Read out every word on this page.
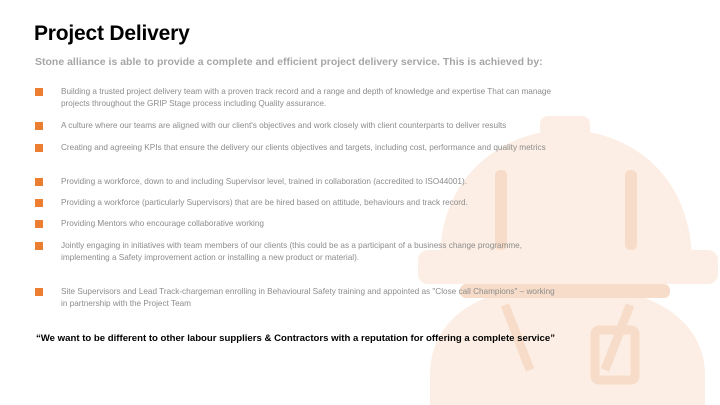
Project Delivery

Stone alliance is able to provide a complete and efficient project delivery service. This is achieved by:

Building a trusted project delivery team with a proven track record and a range and depth of knowledge and expertise That can manage projects throughout the GRIP Stage process including Quality assurance.
A culture where our teams are aligned with our client's objectives and work closely with client counterparts to deliver results
Creating and agreeing KPIs that ensure the delivery our clients objectives and targets, including cost, performance and quality metrics
Providing a workforce, down to and including Supervisor level, trained in collaboration (accredited to ISO44001).
Providing a workforce (particularly Supervisors) that are be hired based on attitude, behaviours and track record.
Providing Mentors who encourage collaborative working
Jointly engaging in initiatives with team members of our clients (this could be as a participant of a business change programme, implementing a Safety improvement action or installing a new product or material).
Site Supervisors and Lead Track-chargeman enrolling in Behavioural Safety training and appointed as "Close call Champions" – working in partnership with the Project Team

“We want to be different to other labour suppliers & Contractors with a reputation for offering a complete service”
